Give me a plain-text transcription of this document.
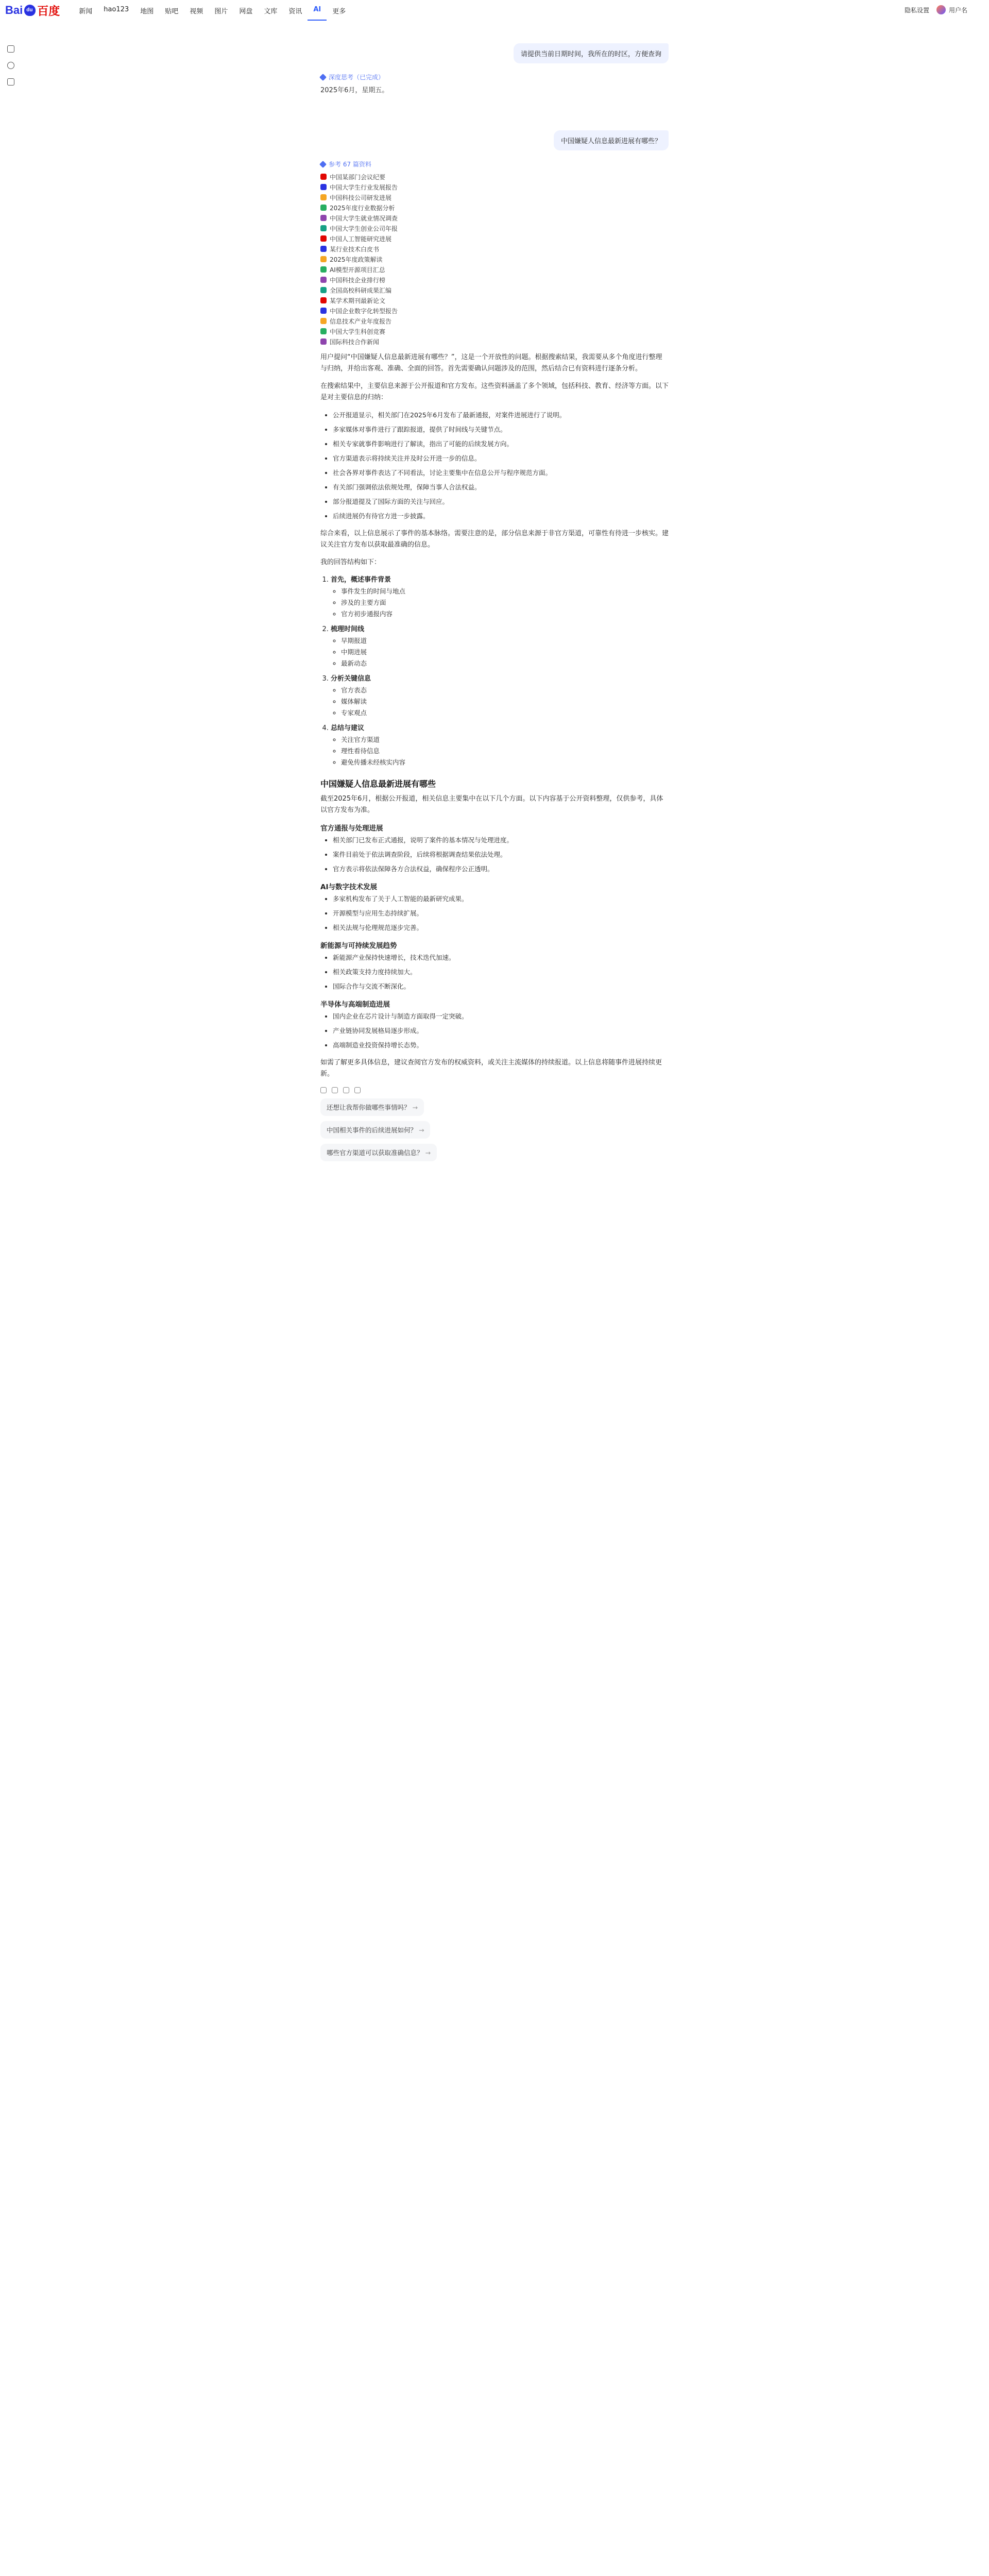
Bai
du 百度	新闻	hao123	地图	贴吧	视频	图片	网盘	文库	资讯	AI	更多	隐私设置	用户名
请提供当前日期时间，我所在的时区，方便查询
深度思考（已完成）
2025年6月，星期五。
中国嫌疑人信息最新进展有哪些？
参考 67 篇资料
中国某部门会议纪要
中国大学生行业发展报告
中国科技公司研发进展
2025年度行业数据分析
中国大学生就业情况调查
中国大学生创业公司年报
中国人工智能研究进展
某行业技术白皮书
2025年度政策解读
AI模型开源项目汇总
中国科技企业排行榜
全国高校科研成果汇编
某学术期刊最新论文
中国企业数字化转型报告
信息技术产业年度报告
中国大学生科创竞赛
国际科技合作新闻
用户提问“中国嫌疑人信息最新进展有哪些？”，这是一个开放性的问题。根据搜索结果，我需要从多个角度进行整理与归纳，并给出客观、准确、全面的回答。首先需要确认问题涉及的范围，然后结合已有资料进行逐条分析。
在搜索结果中，主要信息来源于公开报道和官方发布。这些资料涵盖了多个领域，包括科技、教育、经济等方面。以下是对主要信息的归纳：
• 公开报道显示，相关部门在2025年6月发布了最新通报，对案件进展进行了说明。
• 多家媒体对事件进行了跟踪报道，提供了时间线与关键节点。
• 相关专家就事件影响进行了解读，指出了可能的后续发展方向。
• 官方渠道表示将持续关注并及时公开进一步的信息。
• 社会各界对事件表达了不同看法，讨论主要集中在信息公开与程序规范方面。
• 有关部门强调依法依规处理，保障当事人合法权益。
• 部分报道提及了国际方面的关注与回应。
• 后续进展仍有待官方进一步披露。
综合来看，以上信息展示了事件的基本脉络。需要注意的是，部分信息来源于非官方渠道，可靠性有待进一步核实。建议关注官方发布以获取最准确的信息。
我的回答结构如下：
1. 首先，概述事件背景
◦ 事件发生的时间与地点
◦ 涉及的主要方面
◦ 官方初步通报内容
2. 梳理时间线
◦ 早期报道
◦ 中期进展
◦ 最新动态
3. 分析关键信息
◦ 官方表态
◦ 媒体解读
◦ 专家观点
4. 总结与建议
◦ 关注官方渠道
◦ 理性看待信息
◦ 避免传播未经核实内容
中国嫌疑人信息最新进展有哪些
截至2025年6月，根据公开报道，相关信息主要集中在以下几个方面。以下内容基于公开资料整理，仅供参考，具体以官方发布为准。
官方通报与处理进展
• 相关部门已发布正式通报，说明了案件的基本情况与处理进度。
• 案件目前处于依法调查阶段，后续将根据调查结果依法处理。
• 官方表示将依法保障各方合法权益，确保程序公正透明。
AI与数字技术发展
• 多家机构发布了关于人工智能的最新研究成果。
• 开源模型与应用生态持续扩展。
• 相关法规与伦理规范逐步完善。
新能源与可持续发展趋势
• 新能源产业保持快速增长，技术迭代加速。
• 相关政策支持力度持续加大。
• 国际合作与交流不断深化。
半导体与高端制造进展
• 国内企业在芯片设计与制造方面取得一定突破。
• 产业链协同发展格局逐步形成。
• 高端制造业投资保持增长态势。
如需了解更多具体信息，建议查阅官方发布的权威资料，或关注主流媒体的持续报道。以上信息将随事件进展持续更新。
还想让我帮你做哪些事情吗？ →
中国相关事件的后续进展如何？ →
哪些官方渠道可以获取准确信息？ →
